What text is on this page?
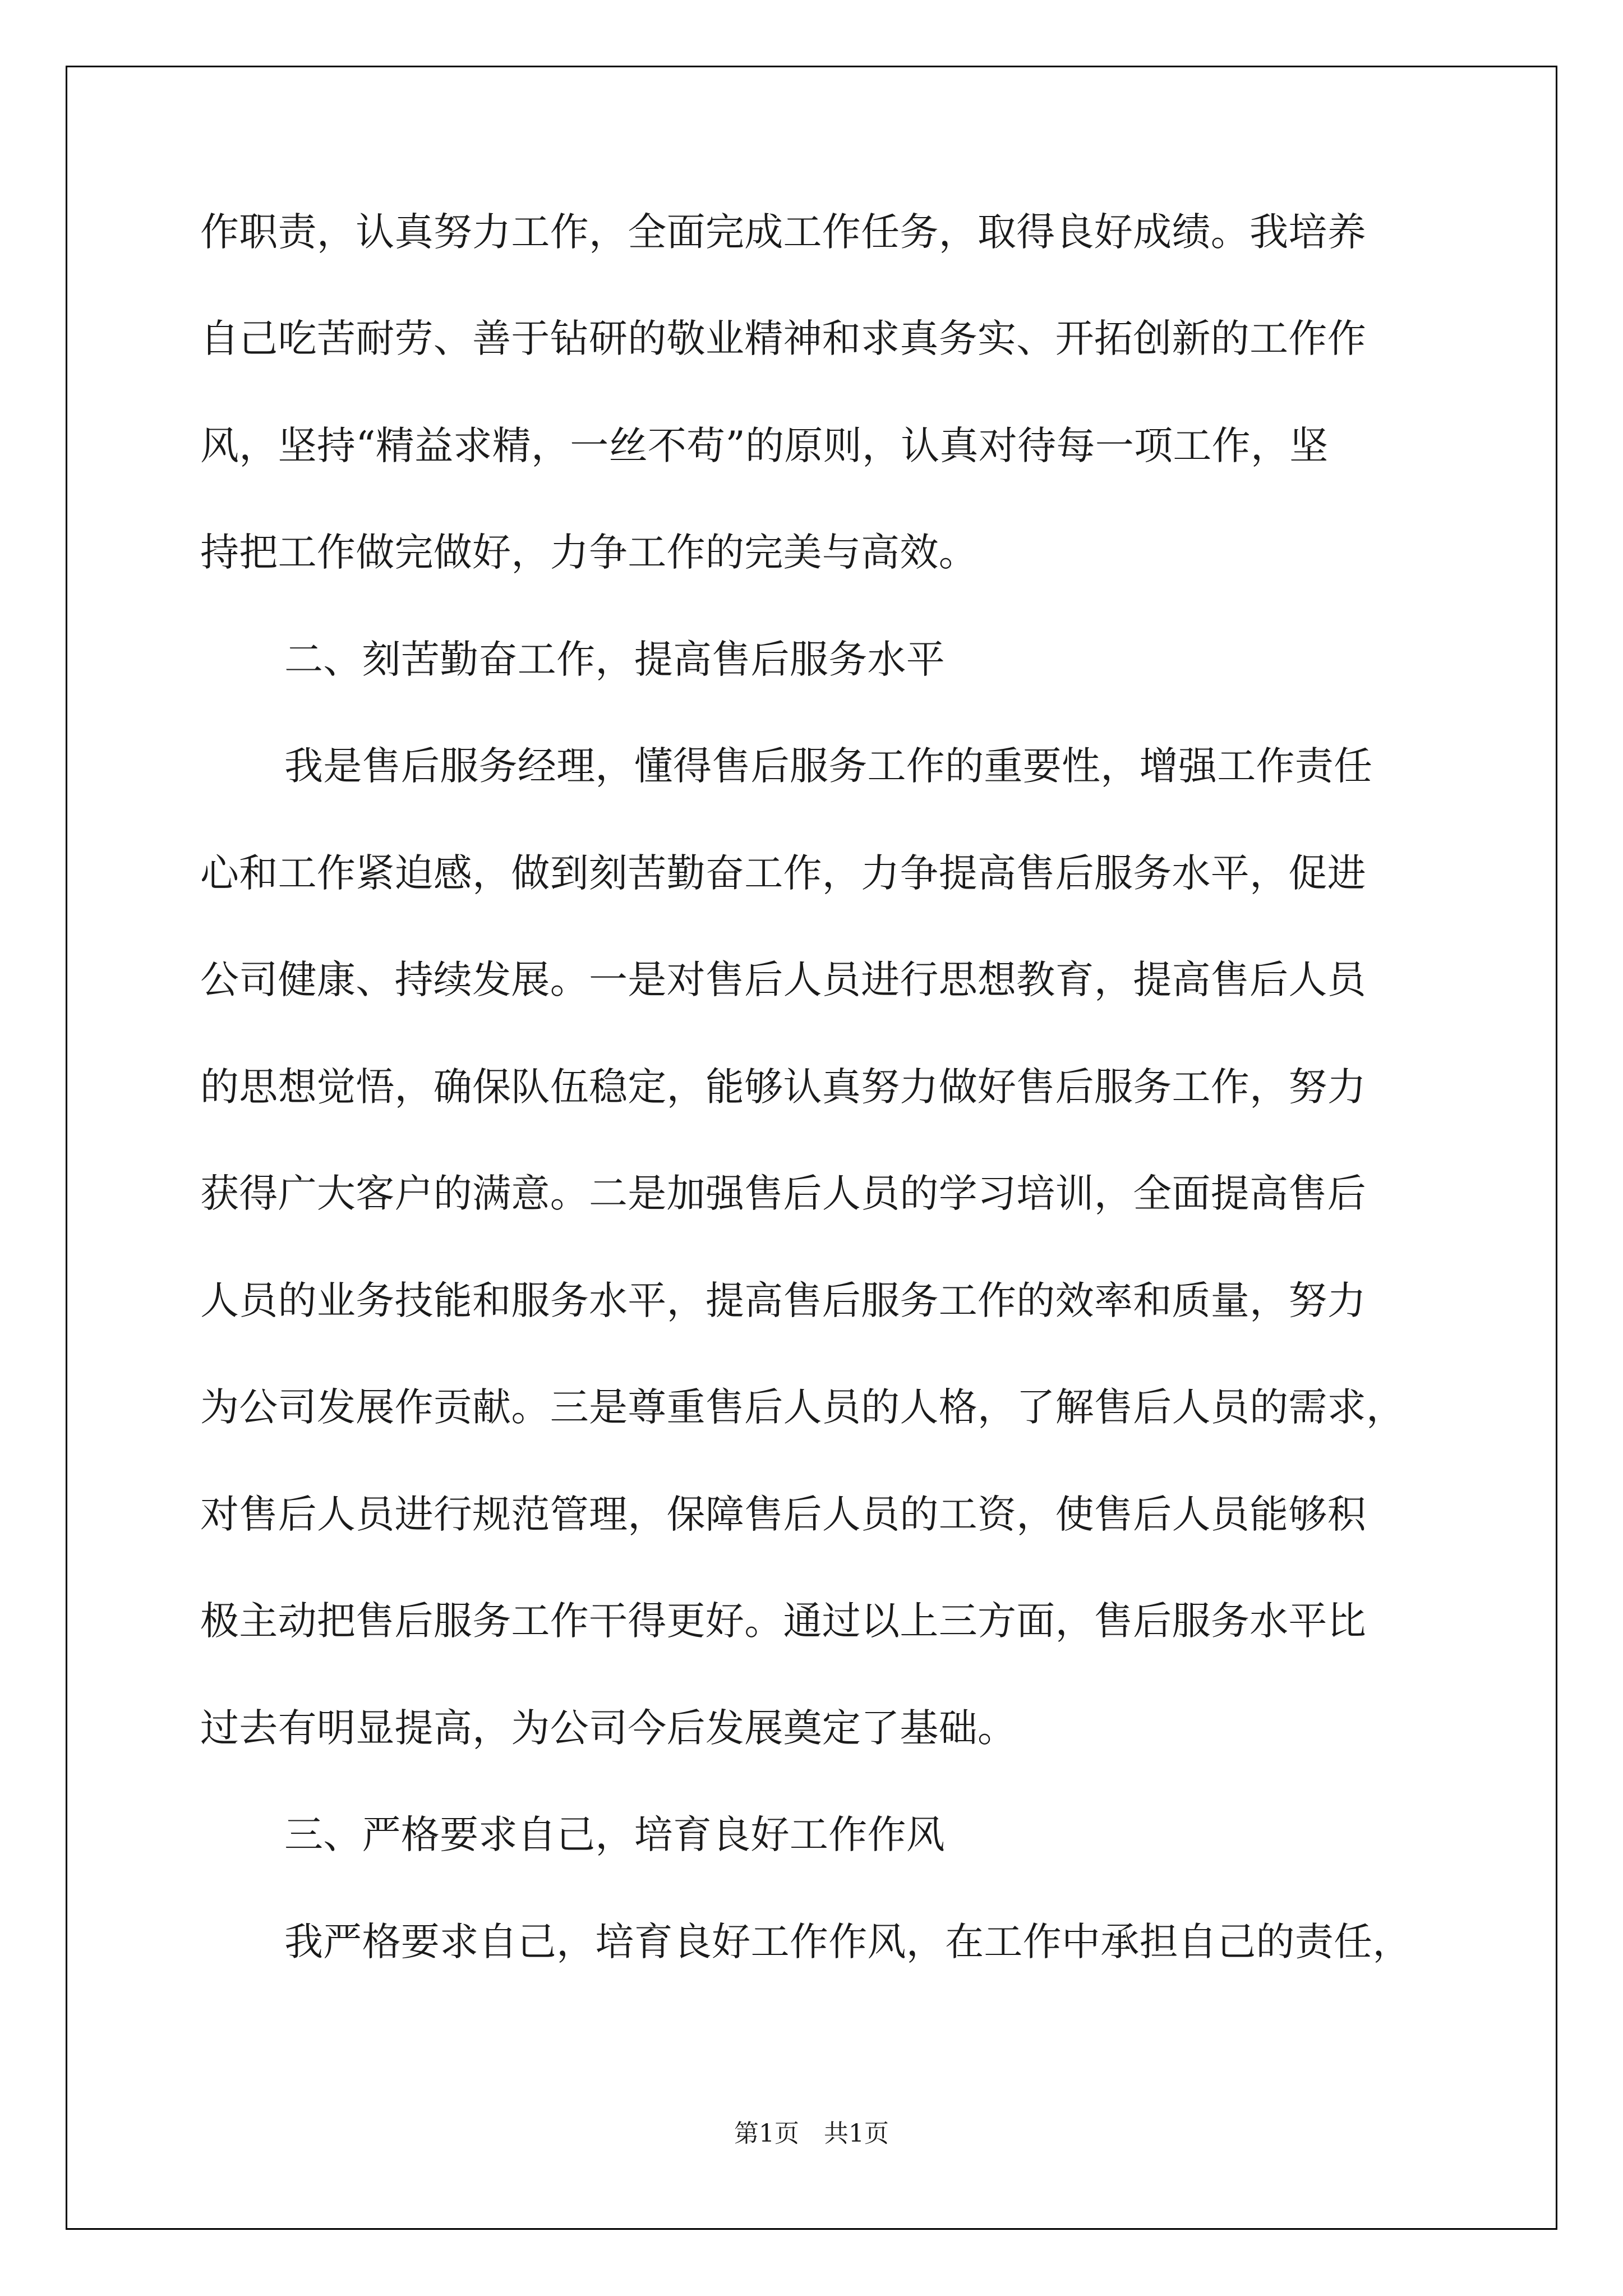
作职责，认真努力工作，全面完成工作任务，取得良好成绩。我培养
自己吃苦耐劳、善于钻研的敬业精神和求真务实、开拓创新的工作作
风，坚持“精益求精，一丝不苟”的原则，认真对待每一项工作，坚
持把工作做完做好，力争工作的完美与高效。
二、刻苦勤奋工作，提高售后服务水平
我是售后服务经理，懂得售后服务工作的重要性，增强工作责任
心和工作紧迫感，做到刻苦勤奋工作，力争提高售后服务水平，促进
公司健康、持续发展。一是对售后人员进行思想教育，提高售后人员
的思想觉悟，确保队伍稳定，能够认真努力做好售后服务工作，努力
获得广大客户的满意。二是加强售后人员的学习培训，全面提高售后
人员的业务技能和服务水平，提高售后服务工作的效率和质量，努力
为公司发展作贡献。三是尊重售后人员的人格，了解售后人员的需求，
对售后人员进行规范管理，保障售后人员的工资，使售后人员能够积
极主动把售后服务工作干得更好。通过以上三方面，售后服务水平比
过去有明显提高，为公司今后发展奠定了基础。
三、严格要求自己，培育良好工作作风
我严格要求自己，培育良好工作作风，在工作中承担自己的责任，
第1页　共1页
